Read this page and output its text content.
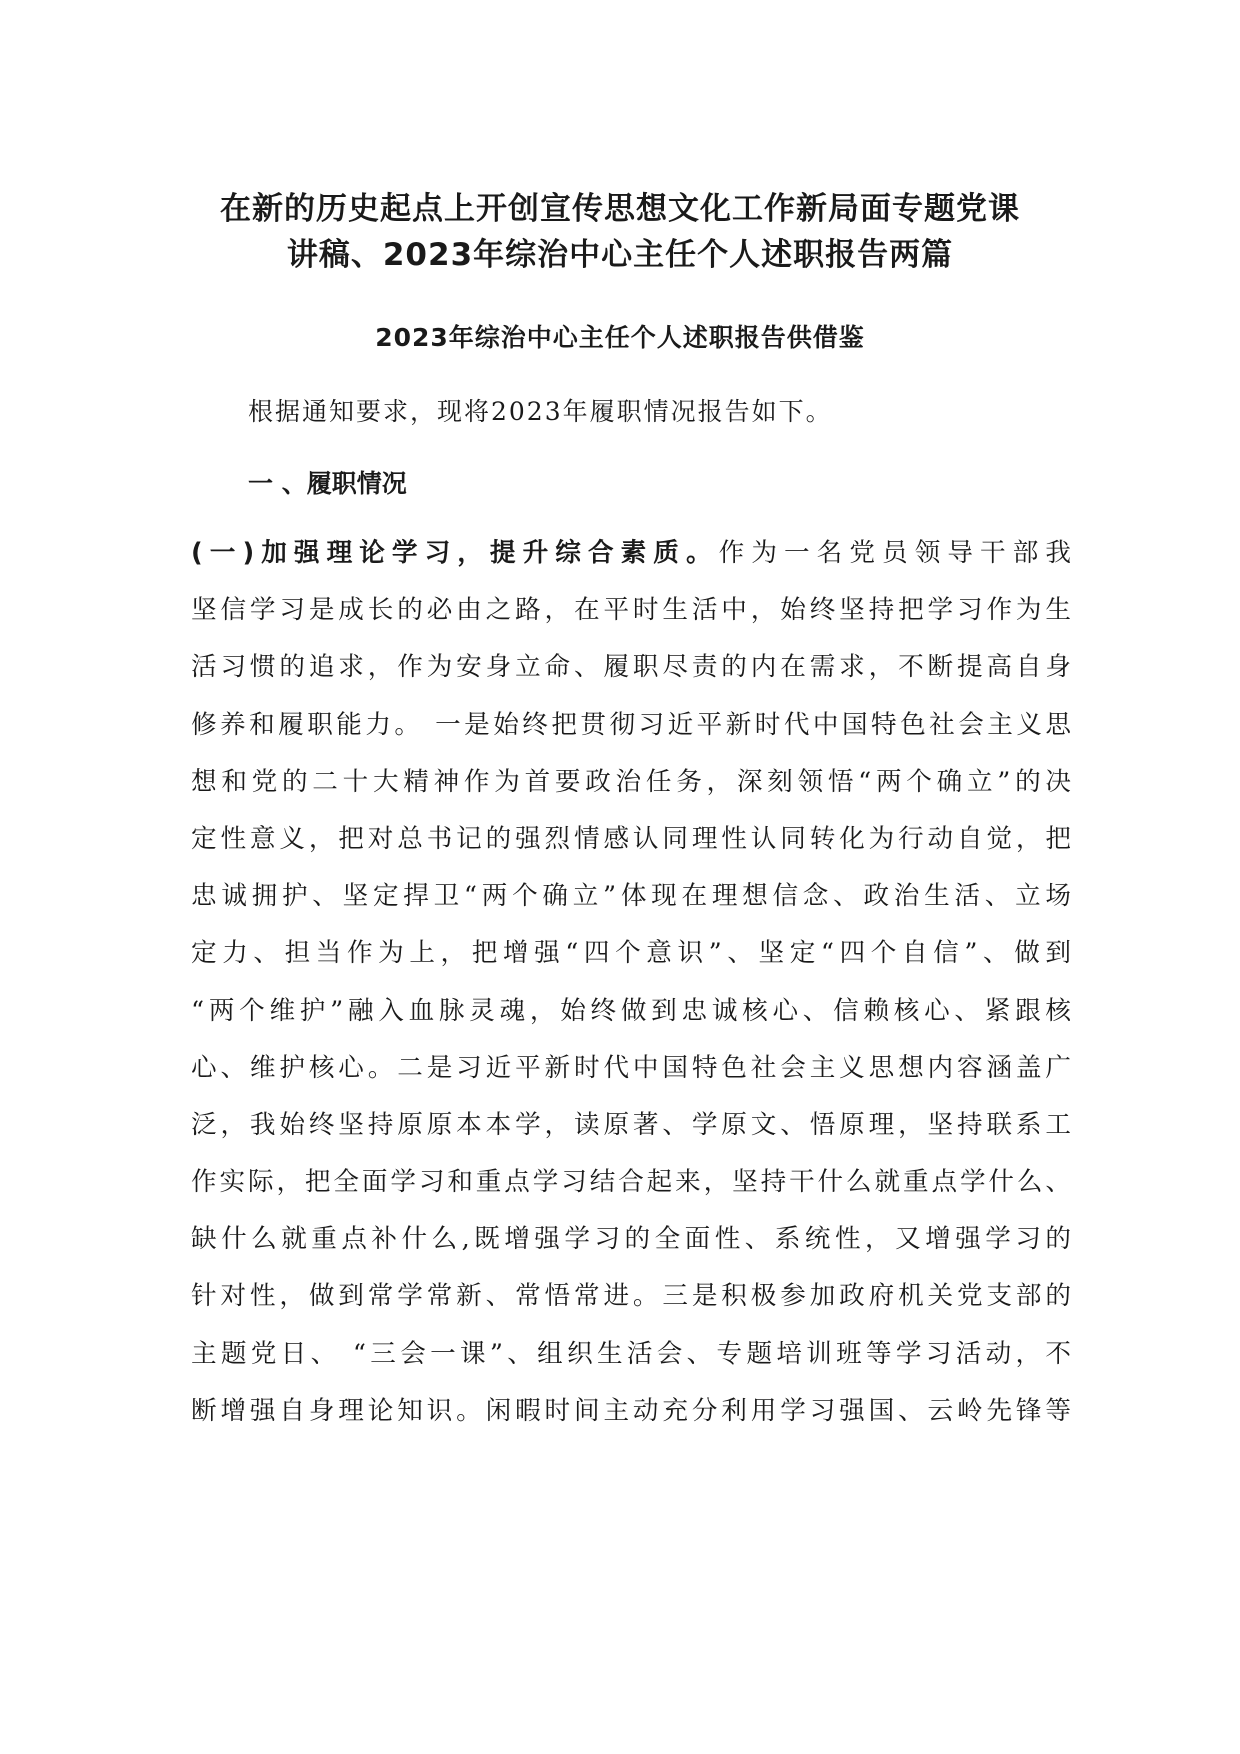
在新的历史起点上开创宣传思想文化工作新局面专题党课
讲稿、2023年综治中心主任个人述职报告两篇
2023年综治中心主任个人述职报告供借鉴

根据通知要求，现将2023年履职情况报告如下。

一 、履职情况
(一)加强理论学习，提升综合素质。作为一名党员领导干部我
坚信学习是成长的必由之路，在平时生活中，始终坚持把学习作为生
活习惯的追求，作为安身立命、履职尽责的内在需求，不断提高自身
修养和履职能力。 一是始终把贯彻习近平新时代中国特色社会主义思
想和党的二十大精神作为首要政治任务，深刻领悟“两个确立”的决
定性意义，把对总书记的强烈情感认同理性认同转化为行动自觉，把
忠诚拥护、坚定捍卫“两个确立”体现在理想信念、政治生活、立场
定力、担当作为上，把增强“四个意识”、坚定“四个自信”、做到
“两个维护”融入血脉灵魂，始终做到忠诚核心、信赖核心、紧跟核
心、维护核心。二是习近平新时代中国特色社会主义思想内容涵盖广
泛，我始终坚持原原本本学，读原著、学原文、悟原理，坚持联系工
作实际，把全面学习和重点学习结合起来，坚持干什么就重点学什么、
缺什么就重点补什么,既增强学习的全面性、系统性，又增强学习的
针对性，做到常学常新、常悟常进。三是积极参加政府机关党支部的
主题党日、 “三会一课”、组织生活会、专题培训班等学习活动，不
断增强自身理论知识。闲暇时间主动充分利用学习强国、云岭先锋等
